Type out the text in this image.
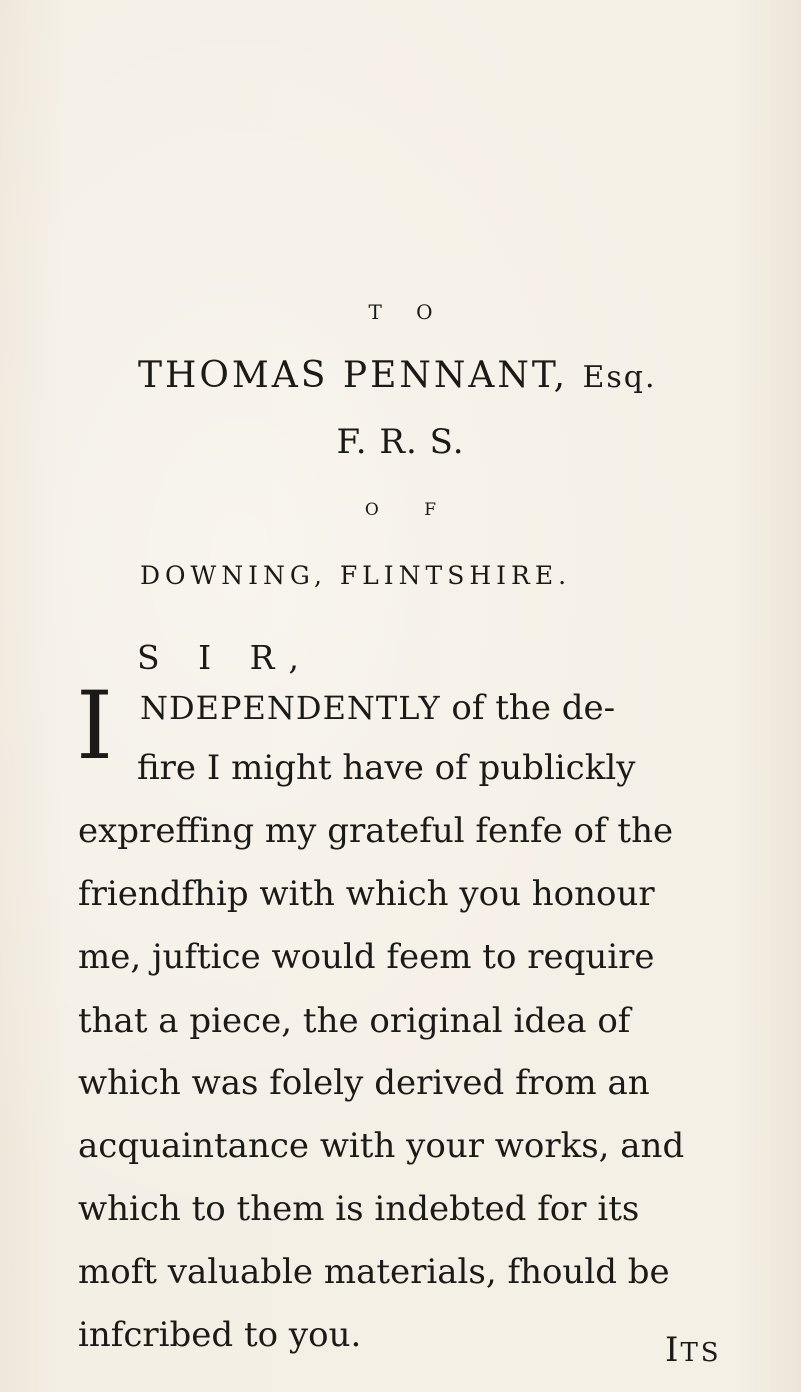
T O
THOMAS PENNANT, Esq.
F. R. S.
O F
DOWNING, FLINTSHIRE.
S I R,
I NDEPENDENTLY of the de-
fire I might have of publickly
expreffing my grateful fenfe of the
friendfhip with which you honour
me, juftice would feem to require
that a piece, the original idea of
which was folely derived from an
acquaintance with your works, and
which to them is indebted for its
moft valuable materials, fhould be
infcribed to you.	ITS
